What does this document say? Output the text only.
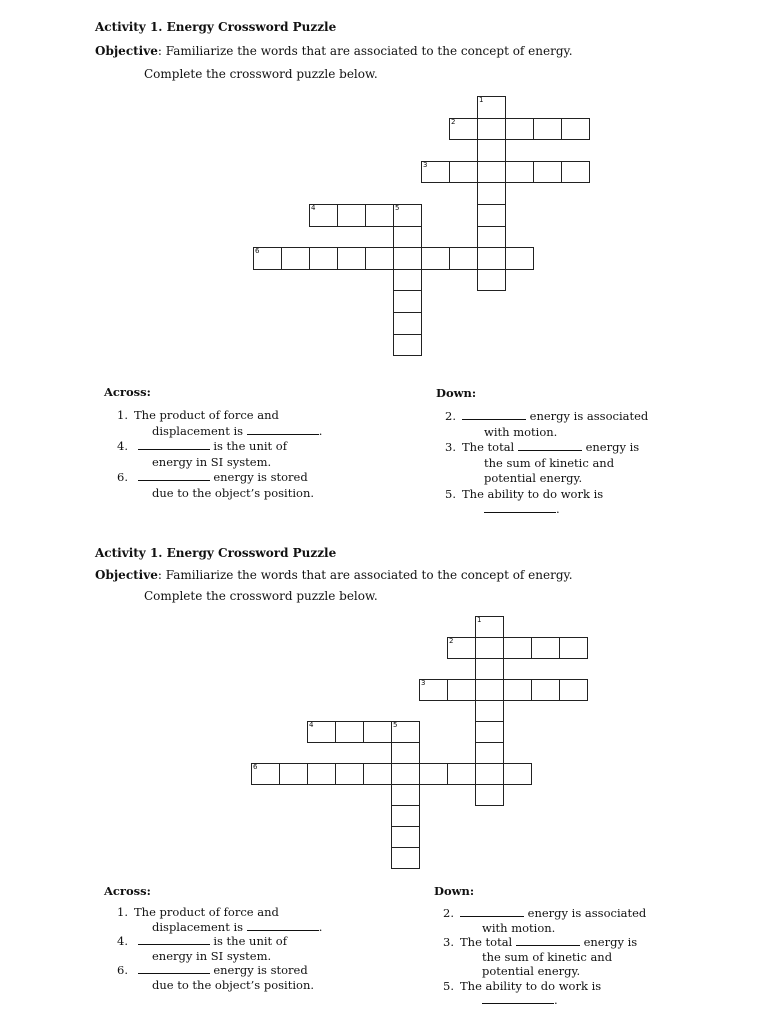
Activity 1. Energy Crossword Puzzle
Objective: Familiarize the words that are associated to the concept of energy.
Complete the crossword puzzle below.
1
2
3
4	5
6
Across:	Down:
1. The product of force and
displacement is	.
4.	is the unit of
energy in SI system.
6.	energy is stored
due to the object’s position.
2.	energy is associated
with motion.
3. The total	energy is
the sum of kinetic and
potential energy.
5. The ability to do work is
.
Activity 1. Energy Crossword Puzzle
Objective: Familiarize the words that are associated to the concept of energy.
Complete the crossword puzzle below.
1
2
3
4	5
6
Across:	Down:
1. The product of force and
displacement is	.
4.	is the unit of
energy in SI system.
6.	energy is stored
due to the object’s position.
2.	energy is associated
with motion.
3. The total	energy is
the sum of kinetic and
potential energy.
5. The ability to do work is
.
